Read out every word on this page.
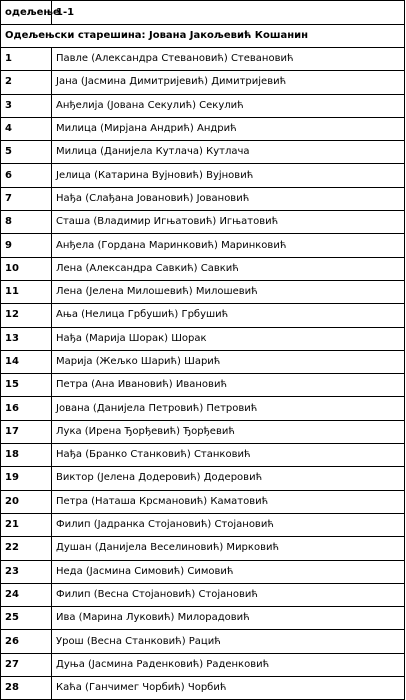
одељење	1-1
Одељењски старешина: Јована Јакољевић Кошанин	
1	Павле (Александра Стевановић) Стевановић
2	Јана (Јасмина Димитријевић) Димитријевић
3	Анђелија (Јована Секулић) Секулић
4	Милица (Мирјана Андрић) Андрић
5	Милица (Данијела Кутлача) Кутлача
6	Јелица (Катарина Вујновић) Вујновић
7	Нађа (Слађана Јовановић) Јовановић
8	Сташа (Владимир Игњатовић) Игњатовић
9	Анђела (Гордана Маринковић) Маринковић
10	Лена (Александра Савкић) Савкић
11	Лена (Јелена Милошевић) Милошевић
12	Ања (Нелица Грбушић) Грбушић
13	Нађа (Марија Шорак) Шорак
14	Марија (Жељко Шарић) Шарић
15	Петра (Ана Ивановић) Ивановић
16	Јована (Данијела Петровић) Петровић
17	Лука (Ирена Ђорђевић) Ђорђевић
18	Нађа (Бранко Станковић) Станковић
19	Виктор (Јелена Додеровић) Додеровић
20	Петра (Наташа Крсмановић) Каматовић
21	Филип (Јадранка Стојановић) Стојановић
22	Душан (Данијела Веселиновић) Мирковић
23	Неда (Јасмина Симовић) Симовић
24	Филип (Весна Стојановић) Стојановић
25	Ива (Марина Луковић) Милорадовић
26	Урош (Весна Станковић) Рацић
27	Дуња (Јасмина Раденковић) Раденковић
28	Каћа (Ганчимег Чорбић) Чорбић
